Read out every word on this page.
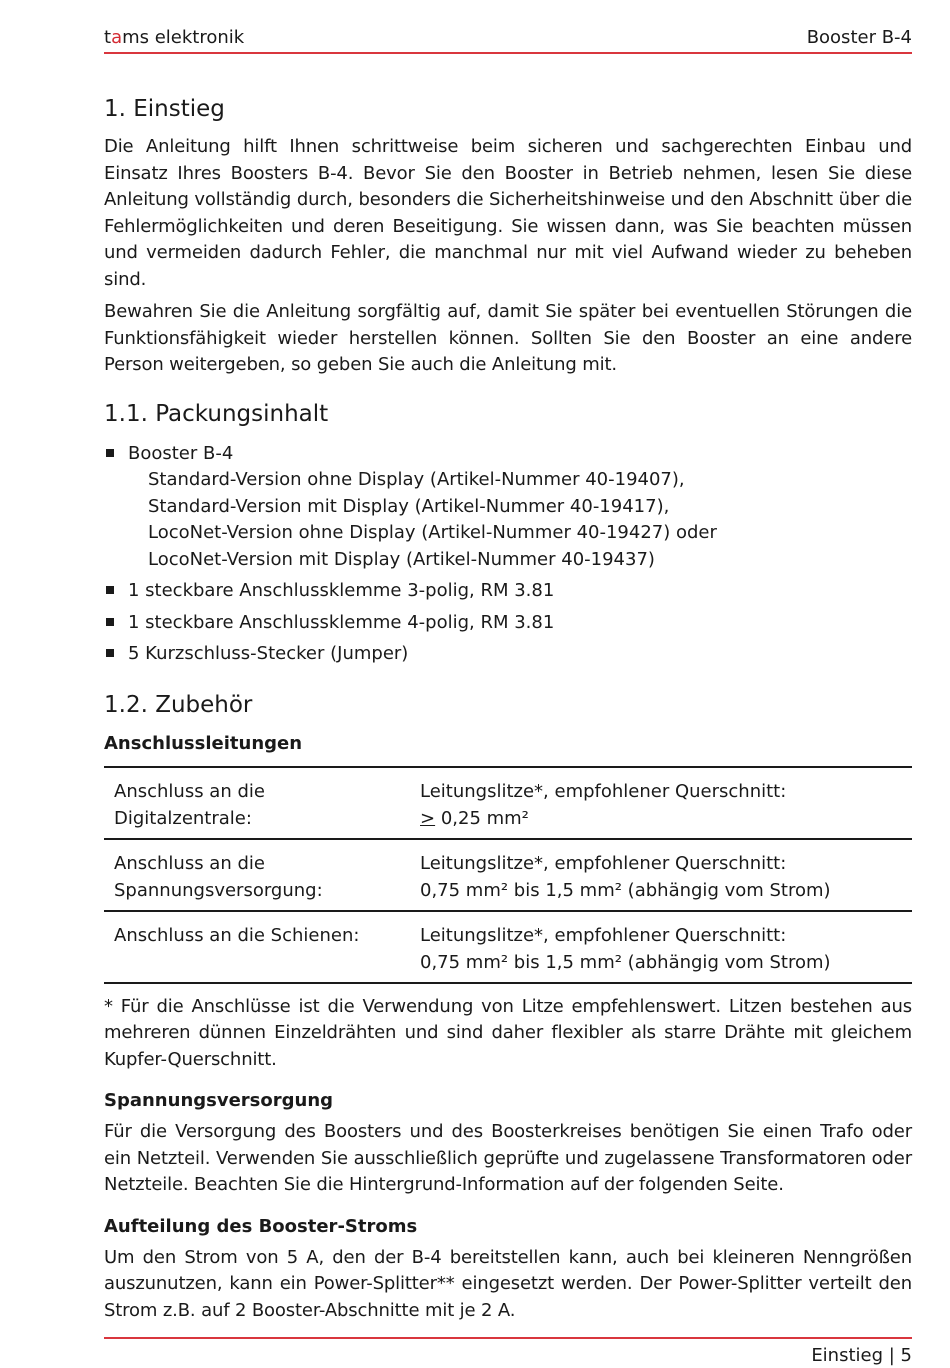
tams elektronik	Booster B-4
1. Einstieg

Die Anleitung hilft Ihnen schrittweise beim sicheren und sachgerechten Einbau und Einsatz Ihres Boosters B-4. Bevor Sie den Booster in Betrieb nehmen, lesen Sie diese Anleitung vollständig durch, besonders die Sicherheitshinweise und den Abschnitt über die Fehlermöglichkeiten und deren Beseitigung. Sie wissen dann, was Sie beachten müssen und vermeiden dadurch Fehler, die manchmal nur mit viel Aufwand wieder zu beheben sind.

Bewahren Sie die Anleitung sorgfältig auf, damit Sie später bei eventuellen Störungen die Funktionsfähigkeit wieder herstellen können. Sollten Sie den Booster an eine andere Person weitergeben, so geben Sie auch die Anleitung mit.

1.1. Packungsinhalt
Booster B-4
Standard-Version ohne Display (Artikel-Nummer 40-19407),
Standard-Version mit Display (Artikel-Nummer 40-19417),
LocoNet-Version ohne Display (Artikel-Nummer 40-19427) oder
LocoNet-Version mit Display (Artikel-Nummer 40-19437)
1 steckbare Anschlussklemme 3-polig, RM 3.81
1 steckbare Anschlussklemme 4-polig, RM 3.81
5 Kurzschluss-Stecker (Jumper)
1.2. Zubehör
Anschlussleitungen
Anschluss an die Digitalzentrale:	Leitungslitze*, empfohlener Querschnitt:
≥ 0,25 mm²

Anschluss an die Spannungsversorgung:	Leitungslitze*, empfohlener Querschnitt:
0,75 mm² bis 1,5 mm² (abhängig vom Strom)

Anschluss an die Schienen:	Leitungslitze*, empfohlener Querschnitt:
0,75 mm² bis 1,5 mm² (abhängig vom Strom)

* Für die Anschlüsse ist die Verwendung von Litze empfehlenswert. Litzen bestehen aus mehreren dünnen Einzeldrähten und sind daher flexibler als starre Drähte mit gleichem Kupfer-Querschnitt.

Spannungsversorgung

Für die Versorgung des Boosters und des Boosterkreises benötigen Sie einen Trafo oder ein Netzteil. Verwenden Sie ausschließlich geprüfte und zugelassene Transformatoren oder Netzteile. Beachten Sie die Hintergrund-Information auf der folgenden Seite.

Aufteilung des Booster-Stroms

Um den Strom von 5 A, den der B-4 bereitstellen kann, auch bei kleineren Nenngrößen auszunutzen, kann ein Power-Splitter** eingesetzt werden. Der Power-Splitter verteilt den Strom z.B. auf 2 Booster-Abschnitte mit je 2 A.

Einstieg | 5
